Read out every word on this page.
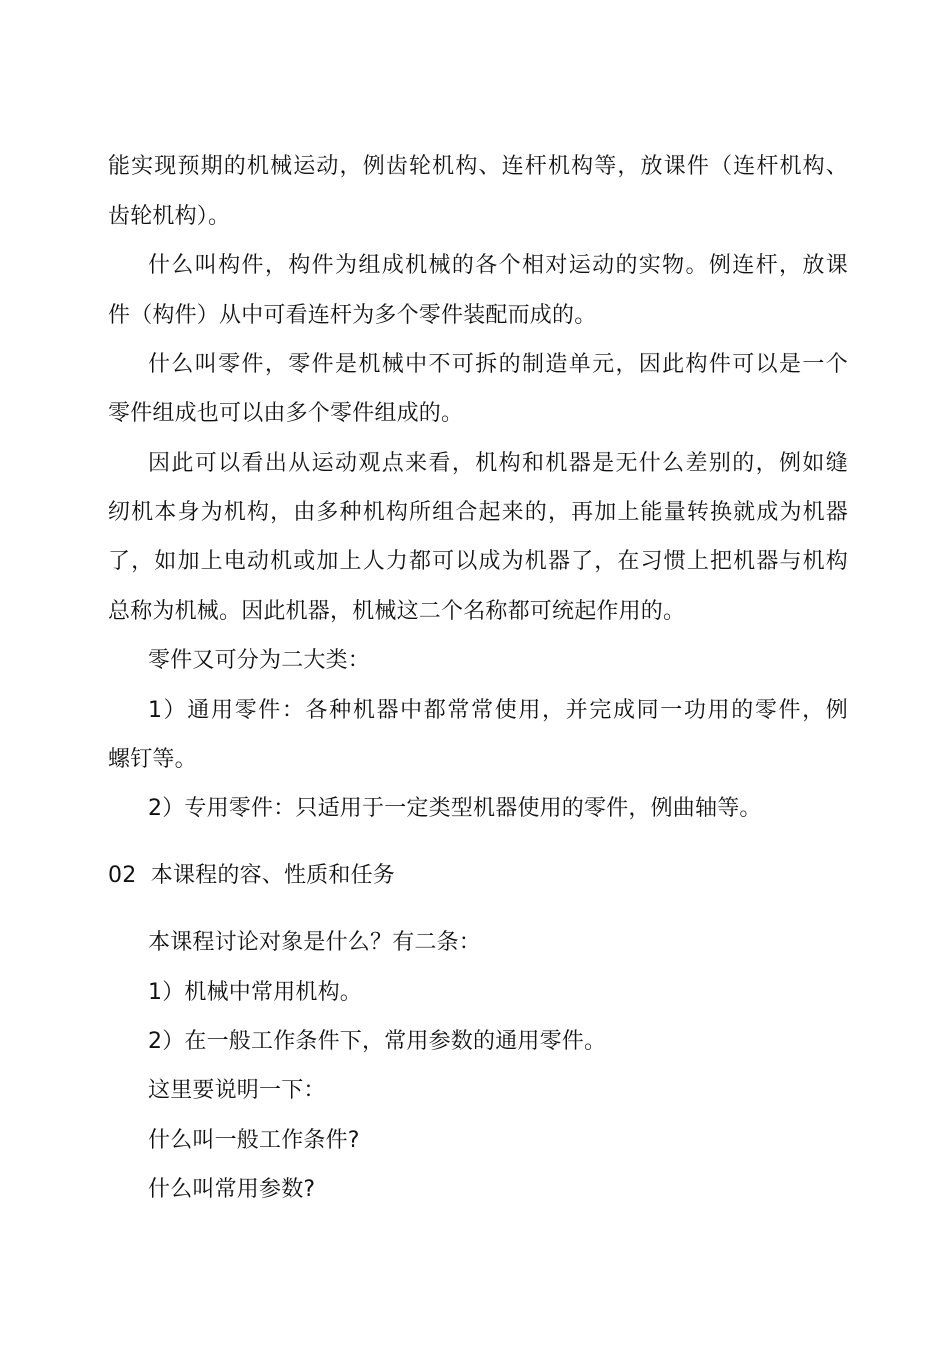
能实现预期的机械运动，例齿轮机构、连杆机构等，放课件（连杆机构、
齿轮机构）。
什么叫构件，构件为组成机械的各个相对运动的实物。例连杆，放课
件（构件）从中可看连杆为多个零件装配而成的。
什么叫零件，零件是机械中不可拆的制造单元，因此构件可以是一个
零件组成也可以由多个零件组成的。
因此可以看出从运动观点来看，机构和机器是无什么差别的，例如缝
纫机本身为机构，由多种机构所组合起来的，再加上能量转换就成为机器
了，如加上电动机或加上人力都可以成为机器了，在习惯上把机器与机构
总称为机械。因此机器，机械这二个名称都可统起作用的。
零件又可分为二大类：
1）通用零件：各种机器中都常常使用，并完成同一功用的零件，例
螺钉等。
2）专用零件：只适用于一定类型机器使用的零件，例曲轴等。
02  本课程的容、性质和任务
本课程讨论对象是什么？有二条：
1）机械中常用机构。
2）在一般工作条件下，常用参数的通用零件。
这里要说明一下：
什么叫一般工作条件?
什么叫常用参数?
